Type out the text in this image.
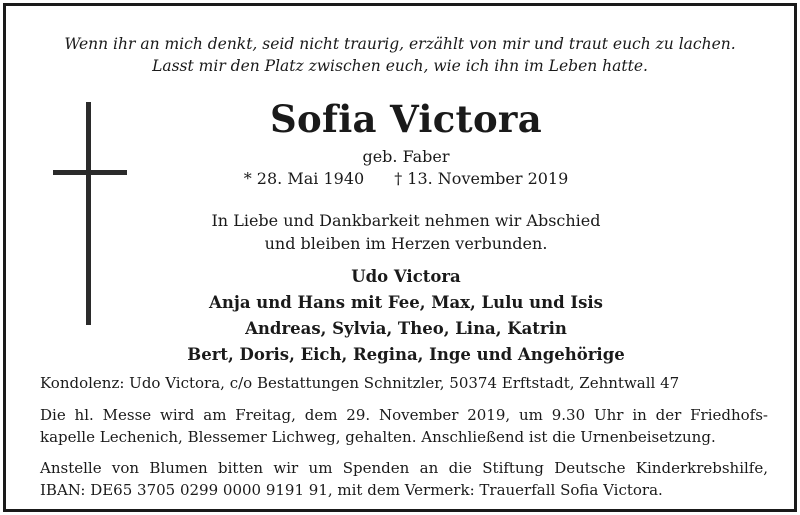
Wenn ihr an mich denkt, seid nicht traurig, erzählt von mir und traut euch zu lachen.
Lasst mir den Platz zwischen euch, wie ich ihn im Leben hatte.
Sofia Victora
geb. Faber
* 28. Mai 1940 † 13. November 2019
In Liebe und Dankbarkeit nehmen wir Abschied
und bleiben im Herzen verbunden.
Udo Victora
Anja und Hans mit Fee, Max, Lulu und Isis
Andreas, Sylvia, Theo, Lina, Katrin
Bert, Doris, Eich, Regina, Inge und Angehörige
Kondolenz: Udo Victora, c/o Bestattungen Schnitzler, 50374 Erftstadt, Zehntwall 47
Die hl. Messe wird am Freitag, dem 29. November 2019, um 9.30 Uhr in der Friedhofs-
kapelle Lechenich, Blessemer Lichweg, gehalten. Anschließend ist die Urnenbeisetzung.
Anstelle von Blumen bitten wir um Spenden an die Stiftung Deutsche Kinderkrebshilfe,
IBAN: DE65 3705 0299 0000 9191 91, mit dem Vermerk: Trauerfall Sofia Victora.
